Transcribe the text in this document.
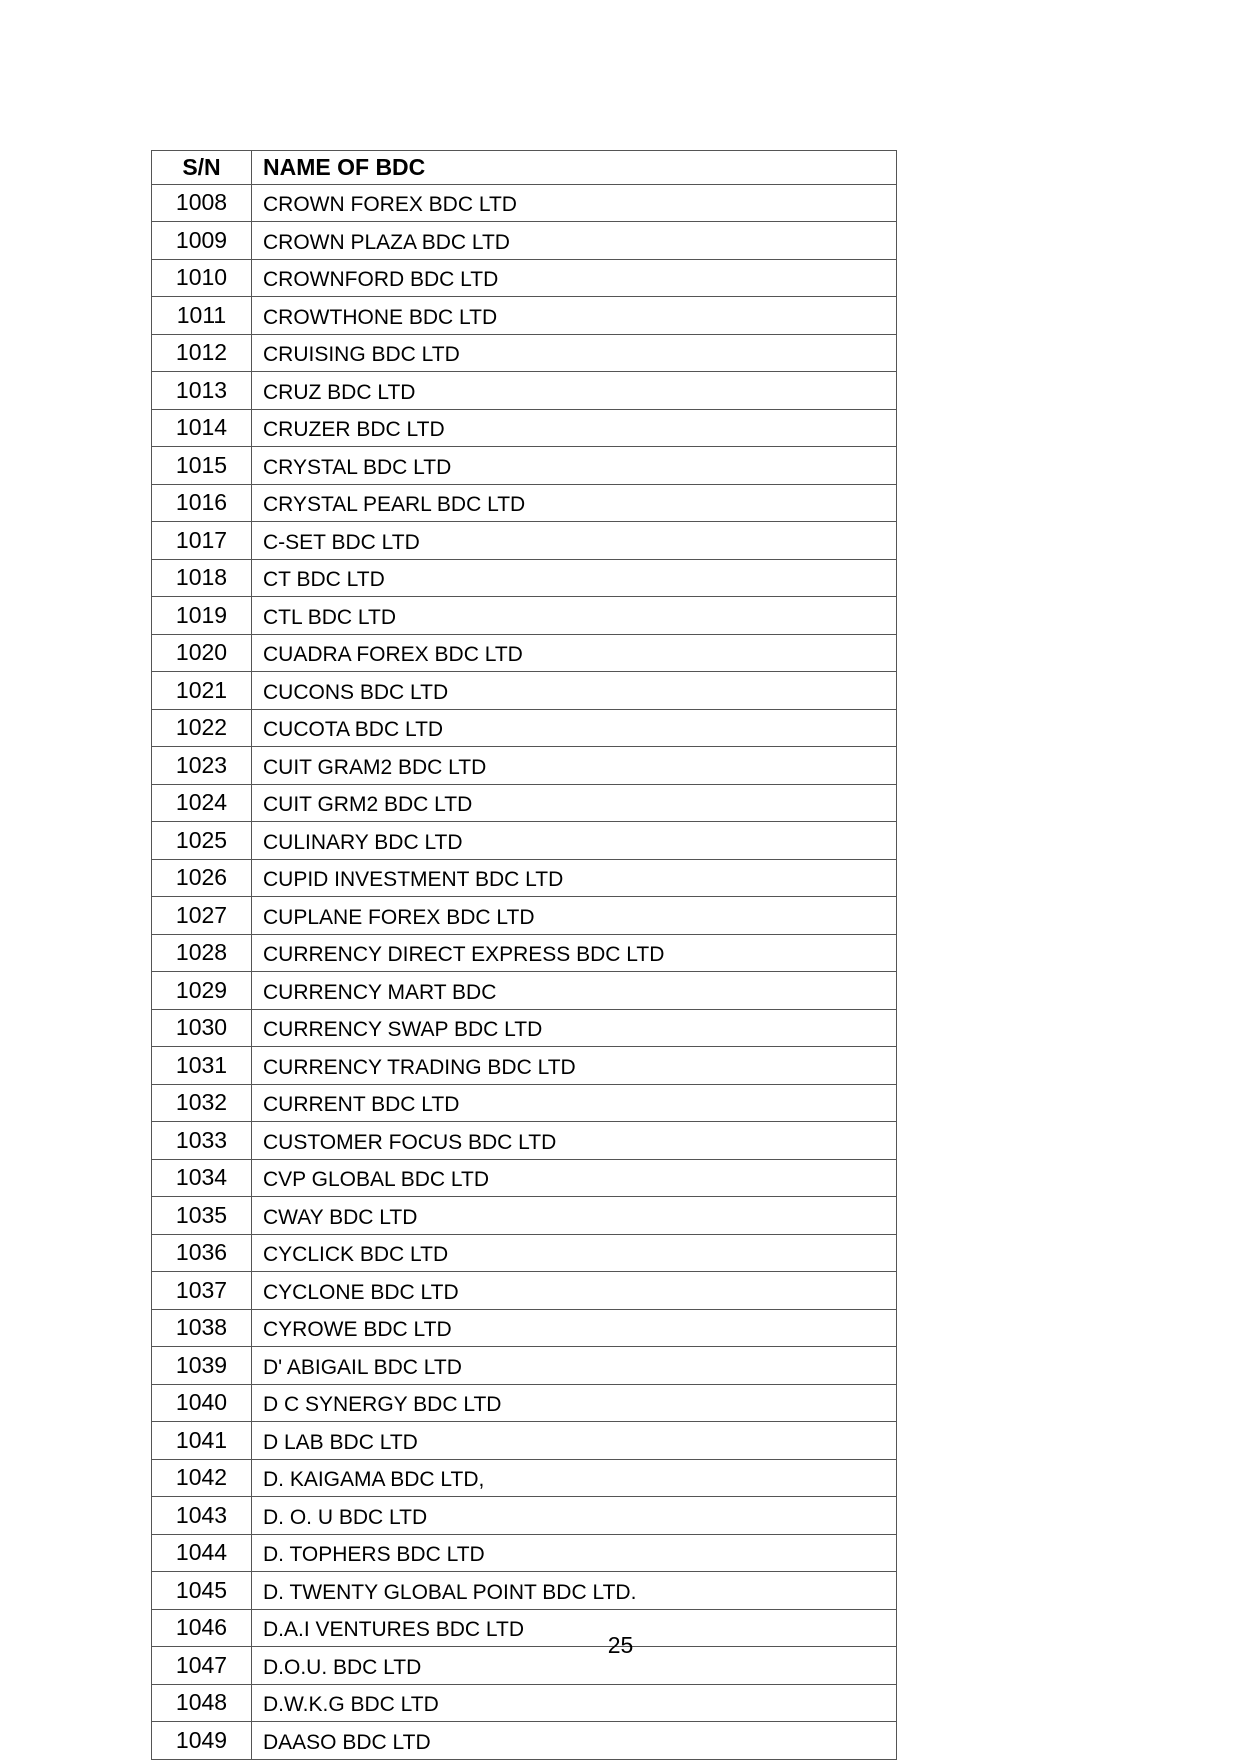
S/N	NAME OF BDC
1008	CROWN FOREX BDC LTD
1009	CROWN PLAZA BDC LTD
1010	CROWNFORD BDC LTD
1011	CROWTHONE BDC LTD
1012	CRUISING BDC LTD
1013	CRUZ BDC LTD
1014	CRUZER BDC LTD
1015	CRYSTAL BDC LTD
1016	CRYSTAL PEARL BDC LTD
1017	C-SET BDC LTD
1018	CT BDC LTD
1019	CTL BDC LTD
1020	CUADRA FOREX BDC LTD
1021	CUCONS BDC LTD
1022	CUCOTA BDC LTD
1023	CUIT GRAM2 BDC LTD
1024	CUIT GRM2 BDC LTD
1025	CULINARY BDC LTD
1026	CUPID INVESTMENT BDC LTD
1027	CUPLANE FOREX BDC LTD
1028	CURRENCY DIRECT EXPRESS BDC LTD
1029	CURRENCY MART BDC
1030	CURRENCY SWAP BDC LTD
1031	CURRENCY TRADING BDC LTD
1032	CURRENT BDC LTD
1033	CUSTOMER FOCUS BDC LTD
1034	CVP GLOBAL BDC LTD
1035	CWAY BDC LTD
1036	CYCLICK BDC LTD
1037	CYCLONE BDC LTD
1038	CYROWE BDC LTD
1039	D' ABIGAIL BDC LTD
1040	D C SYNERGY BDC LTD
1041	D LAB BDC LTD
1042	D. KAIGAMA BDC LTD,
1043	D. O. U BDC LTD
1044	D. TOPHERS BDC LTD
1045	D. TWENTY GLOBAL POINT BDC LTD.
1046	D.A.I VENTURES BDC LTD
1047	D.O.U. BDC LTD
1048	D.W.K.G BDC LTD
1049	DAASO BDC LTD
25
